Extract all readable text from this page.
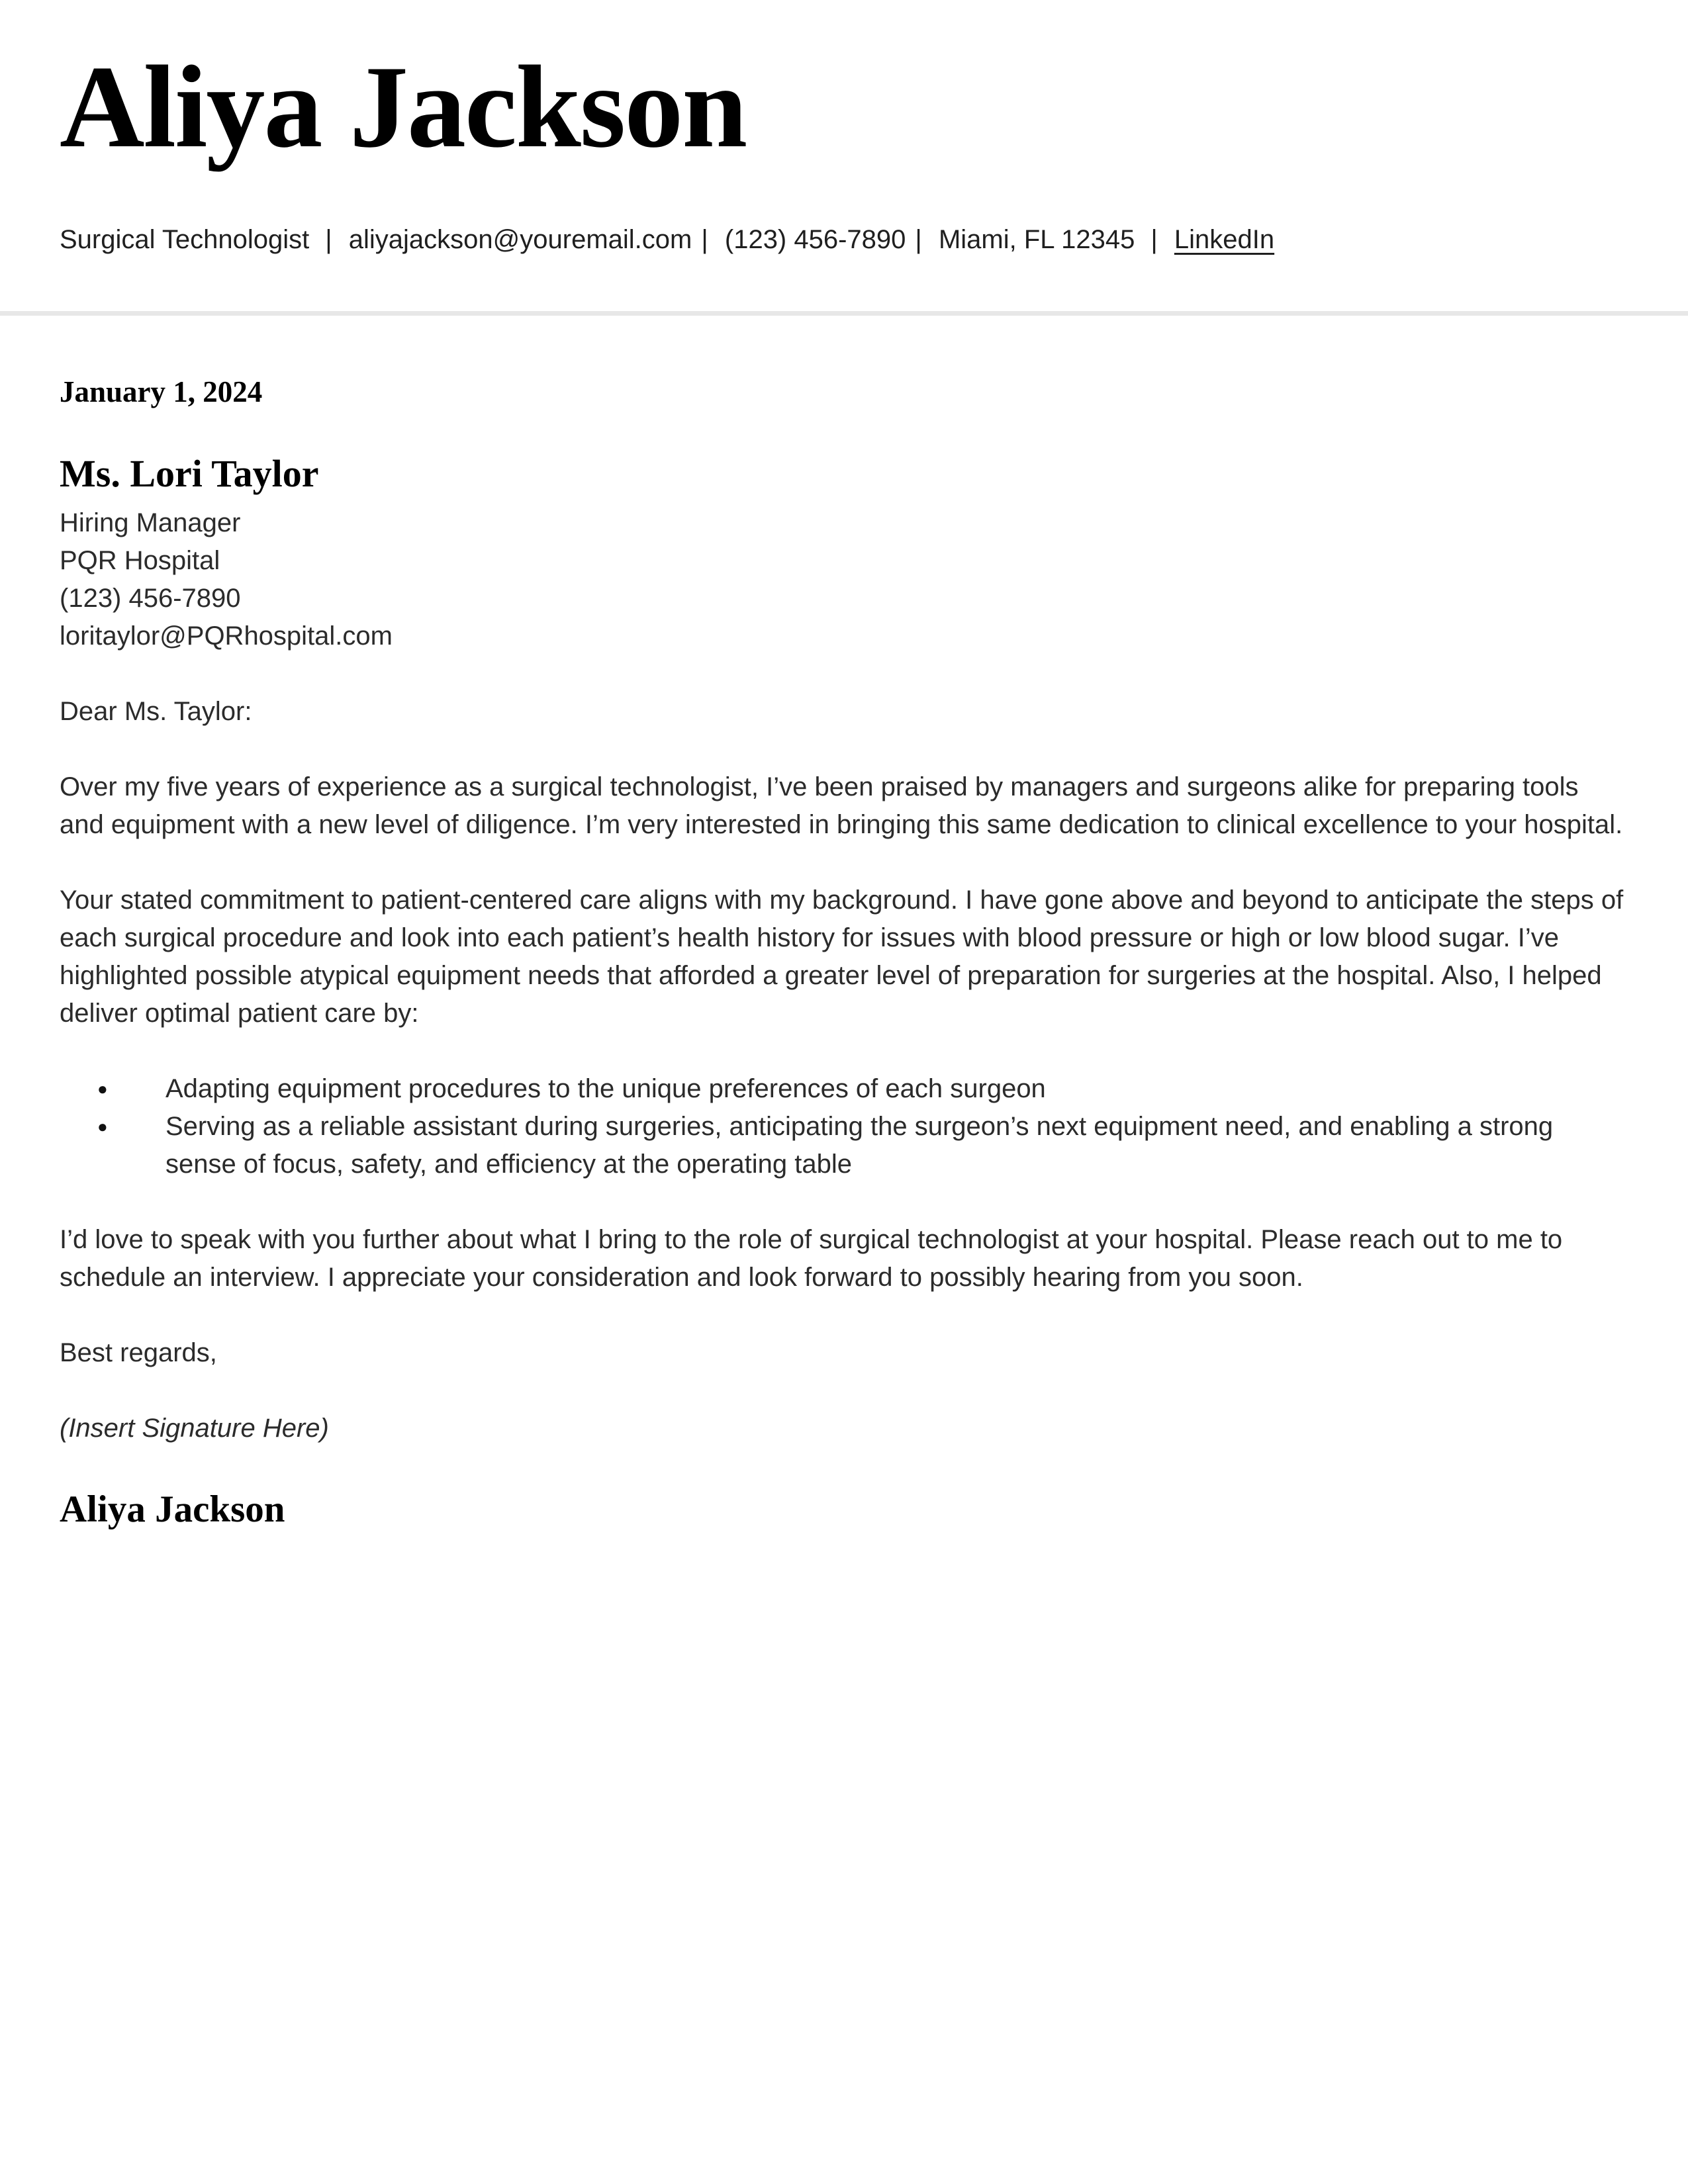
Aliya Jackson
Surgical Technologist | aliyajackson@youremail.com | (123) 456-7890 | Miami, FL 12345 | LinkedIn
January 1, 2024
Ms. Lori Taylor
Hiring Manager
PQR Hospital
(123) 456-7890
loritaylor@PQRhospital.com
Dear Ms. Taylor:
Over my five years of experience as a surgical technologist, I’ve been praised by managers and surgeons alike for preparing tools and equipment with a new level of diligence. I’m very interested in bringing this same dedication to clinical excellence to your hospital.
Your stated commitment to patient-centered care aligns with my background. I have gone above and beyond to anticipate the steps of each surgical procedure and look into each patient’s health history for issues with blood pressure or high or low blood sugar. I’ve highlighted possible atypical equipment needs that afforded a greater level of preparation for surgeries at the hospital. Also, I helped deliver optimal patient care by:
● Adapting equipment procedures to the unique preferences of each surgeon
● Serving as a reliable assistant during surgeries, anticipating the surgeon’s next equipment need, and enabling a strong sense of focus, safety, and efficiency at the operating table
I’d love to speak with you further about what I bring to the role of surgical technologist at your hospital. Please reach out to me to schedule an interview. I appreciate your consideration and look forward to possibly hearing from you soon.
Best regards,
(Insert Signature Here)
Aliya Jackson
